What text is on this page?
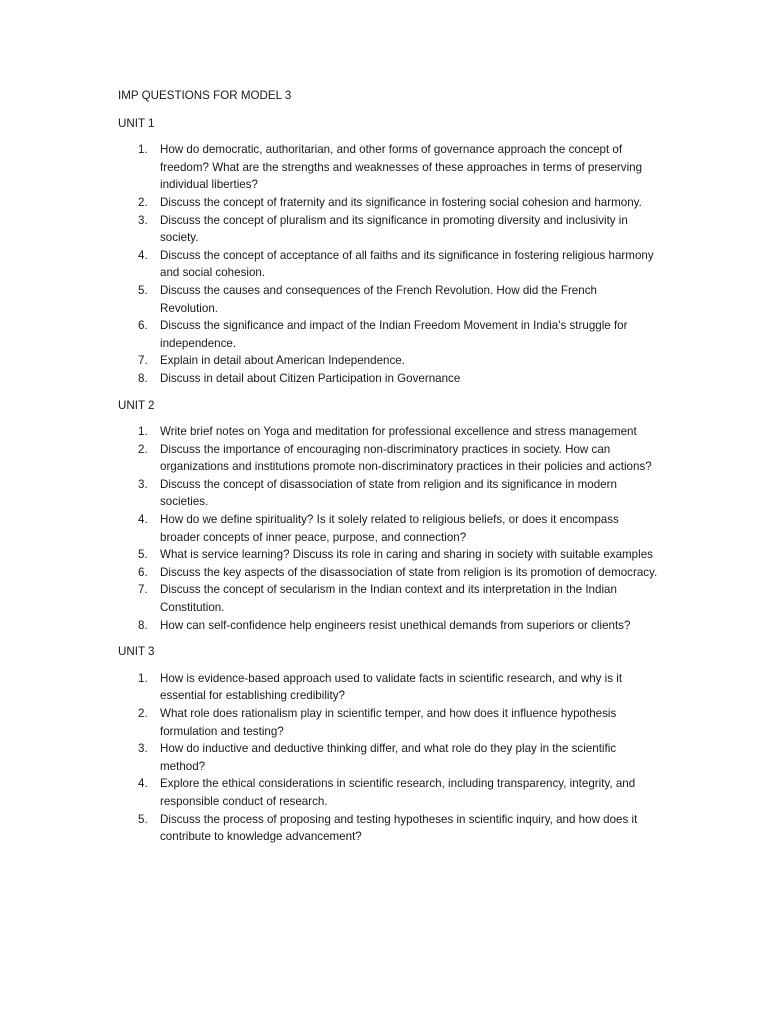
IMP QUESTIONS FOR MODEL 3
UNIT 1
1.	How do democratic, authoritarian, and other forms of governance approach the concept of freedom? What are the strengths and weaknesses of these approaches in terms of preserving individual liberties?
2.	Discuss the concept of fraternity and its significance in fostering social cohesion and harmony.
3.	Discuss the concept of pluralism and its significance in promoting diversity and inclusivity in society.
4.	Discuss the concept of acceptance of all faiths and its significance in fostering religious harmony and social cohesion.
5.	Discuss the causes and consequences of the French Revolution. How did the French Revolution.
6.	Discuss the significance and impact of the Indian Freedom Movement in India's struggle for independence.
7.	Explain in detail about American Independence.
8.	Discuss in detail about Citizen Participation in Governance
UNIT 2
1.	Write brief notes on Yoga and meditation for professional excellence and stress management
2.	Discuss the importance of encouraging non-discriminatory practices in society. How can organizations and institutions promote non-discriminatory practices in their policies and actions?
3.	Discuss the concept of disassociation of state from religion and its significance in modern societies.
4.	How do we define spirituality? Is it solely related to religious beliefs, or does it encompass broader concepts of inner peace, purpose, and connection?
5.	What is service learning? Discuss its role in caring and sharing in society with suitable examples
6.	Discuss the key aspects of the disassociation of state from religion is its promotion of democracy.
7.	Discuss the concept of secularism in the Indian context and its interpretation in the Indian Constitution.
8.	How can self-confidence help engineers resist unethical demands from superiors or clients?
UNIT 3
1.	How is evidence-based approach used to validate facts in scientific research, and why is it essential for establishing credibility?
2.	What role does rationalism play in scientific temper, and how does it influence hypothesis formulation and testing?
3.	How do inductive and deductive thinking differ, and what role do they play in the scientific method?
4.	Explore the ethical considerations in scientific research, including transparency, integrity, and responsible conduct of research.
5.	Discuss the process of proposing and testing hypotheses in scientific inquiry, and how does it contribute to knowledge advancement?
